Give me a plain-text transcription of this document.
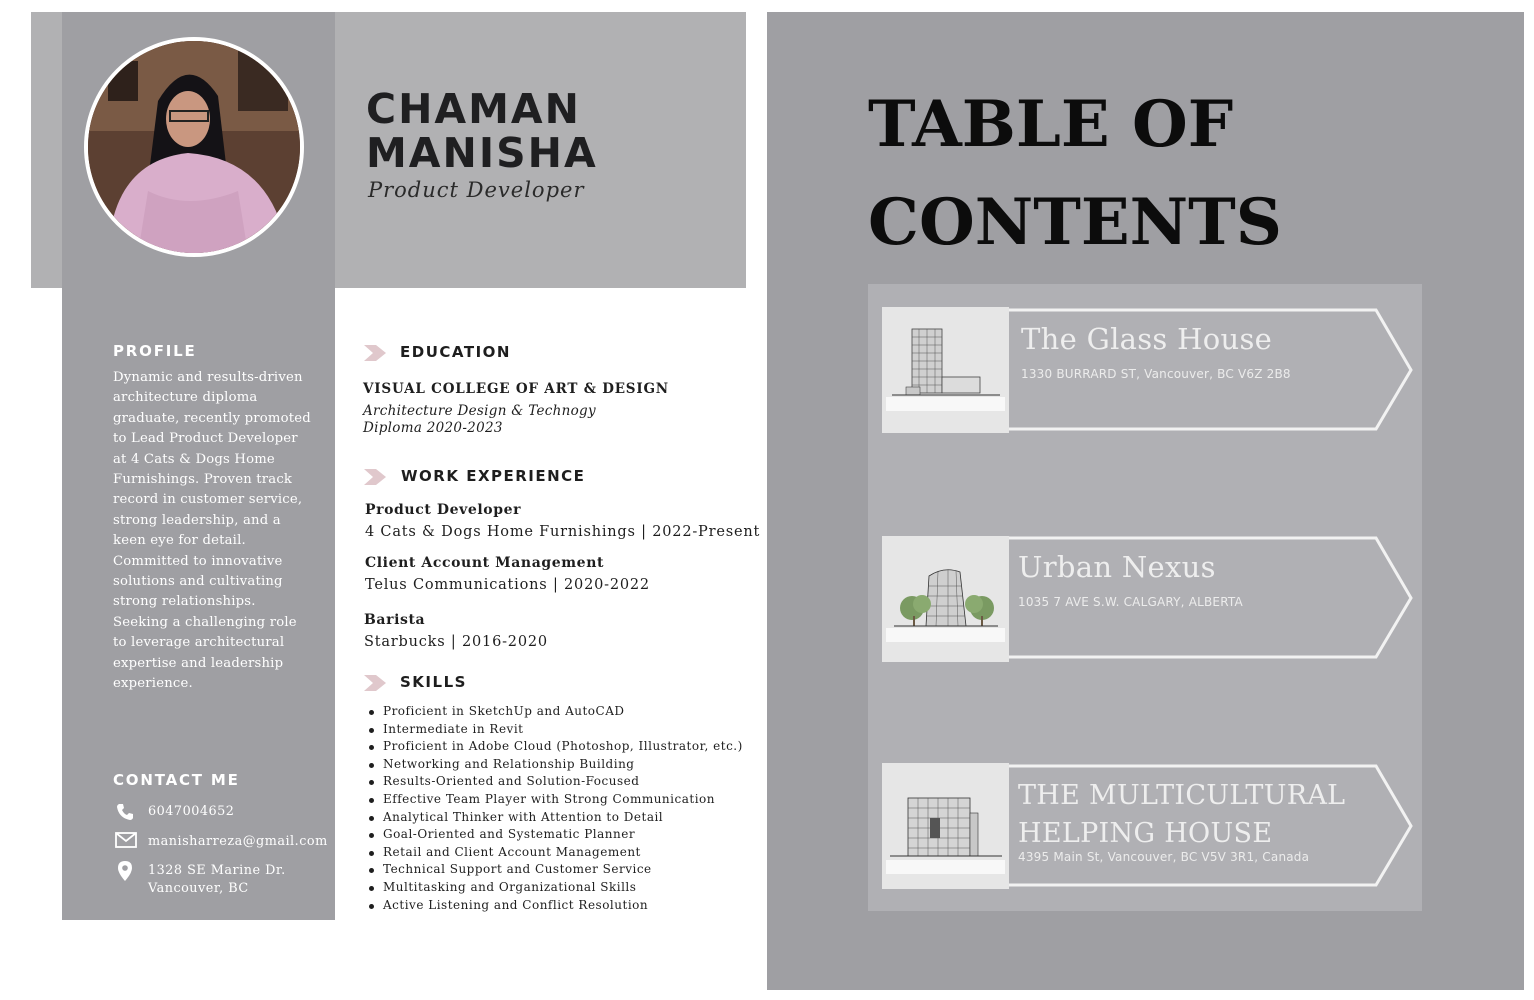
CHAMAN
MANISHA
Product Developer
PROFILE
Dynamic and results-driven architecture diploma graduate, recently promoted to Lead Product Developer at 4 Cats & Dogs Home Furnishings. Proven track record in customer service, strong leadership, and a keen eye for detail. Committed to innovative solutions and cultivating strong relationships. Seeking a challenging role to leverage architectural expertise and leadership experience.
CONTACT ME
6047004652
manisharreza@gmail.com
1328 SE Marine Dr.
Vancouver, BC
EDUCATION
VISUAL COLLEGE OF ART & DESIGN
Architecture Design & Technogy
Diploma 2020-2023
WORK EXPERIENCE
Product Developer
4 Cats & Dogs Home Furnishings | 2022-Present
Client Account Management
Telus Communications | 2020-2022
Barista
Starbucks | 2016-2020
SKILLS
Proficient in SketchUp and AutoCAD
Intermediate in Revit
Proficient in Adobe Cloud (Photoshop, Illustrator, etc.)
Networking and Relationship Building
Results-Oriented and Solution-Focused
Effective Team Player with Strong Communication
Analytical Thinker with Attention to Detail
Goal-Oriented and Systematic Planner
Retail and Client Account Management
Technical Support and Customer Service
Multitasking and Organizational Skills
Active Listening and Conflict Resolution
TABLE OF
CONTENTS
The Glass House
1330 BURRARD ST, Vancouver, BC V6Z 2B8
Urban Nexus
1035 7 AVE S.W. CALGARY, ALBERTA
THE MULTICULTURAL
HELPING HOUSE
4395 Main St, Vancouver, BC V5V 3R1, Canada
